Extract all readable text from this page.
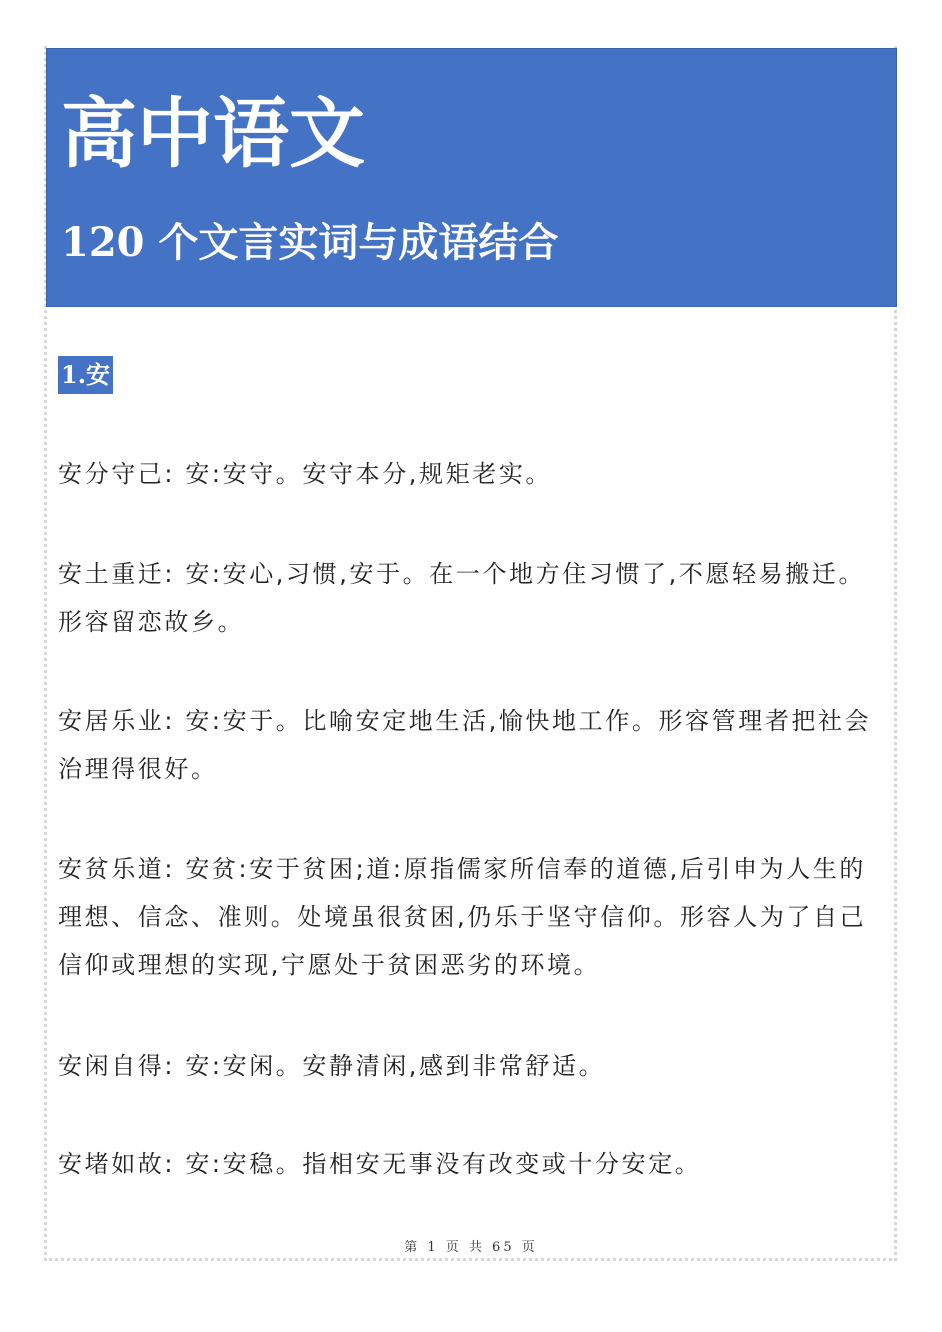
高中语文
120 个文言实词与成语结合
1.安

安分守己: 安:安守。安守本分,规矩老实。

安土重迁: 安:安心,习惯,安于。在一个地方住习惯了,不愿轻易搬迁。形容留恋故乡。

安居乐业: 安:安于。比喻安定地生活,愉快地工作。形容管理者把社会治理得很好。

安贫乐道: 安贫:安于贫困;道:原指儒家所信奉的道德,后引申为人生的理想、信念、准则。处境虽很贫困,仍乐于坚守信仰。形容人为了自己信仰或理想的实现,宁愿处于贫困恶劣的环境。

安闲自得: 安:安闲。安静清闲,感到非常舒适。

安堵如故: 安:安稳。指相安无事没有改变或十分安定。

第 1 页 共 65 页
